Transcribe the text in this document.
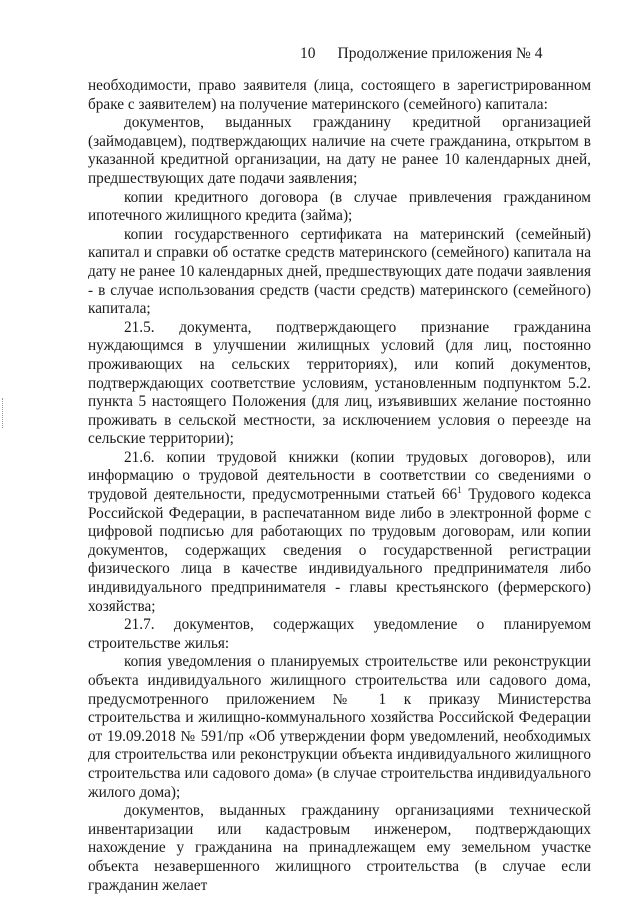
10 Продолжение приложения № 4

необходимости, право заявителя (лица, состоящего в зарегистрированном браке с заявителем) на получение материнского (семейного) капитала:

документов, выданных гражданину кредитной организацией (займодавцем), подтверждающих наличие на счете гражданина, открытом в указанной кредитной организации, на дату не ранее 10 календарных дней, предшествующих дате подачи заявления;

копии кредитного договора (в случае привлечения гражданином ипотечного жилищного кредита (займа);

копии государственного сертификата на материнский (семейный) капитал и справки об остатке средств материнского (семейного) капитала на дату не ранее 10 календарных дней, предшествующих дате подачи заявления - в случае использования средств (части средств) материнского (семейного) капитала;

21.5. документа, подтверждающего признание гражданина нуждающимся в улучшении жилищных условий (для лиц, постоянно проживающих на сельских территориях), или копий документов, подтверждающих соответствие условиям, установленным подпунктом 5.2. пункта 5 настоящего Положения (для лиц, изъявивших желание постоянно проживать в сельской местности, за исключением условия о переезде на сельские территории);

21.6. копии трудовой книжки (копии трудовых договоров), или информацию о трудовой деятельности в соответствии со сведениями о трудовой деятельности, предусмотренными статьей $66^1$ Трудового кодекса Российской Федерации, в распечатанном виде либо в электронной форме с цифровой подписью для работающих по трудовым договорам, или копии документов, содержащих сведения о государственной регистрации физического лица в качестве индивидуального предпринимателя либо индивидуального предпринимателя - главы крестьянского (фермерского) хозяйства;

21.7. документов, содержащих уведомление о планируемом строительстве жилья:

копия уведомления о планируемых строительстве или реконструкции объекта индивидуального жилищного строительства или садового дома, предусмотренного приложением № 1 к приказу Министерства строительства и жилищно-коммунального хозяйства Российской Федерации от 19.09.2018 № 591/пр «Об утверждении форм уведомлений, необходимых для строительства или реконструкции объекта индивидуального жилищного строительства или садового дома» (в случае строительства индивидуального жилого дома);

документов, выданных гражданину организациями технической инвентаризации или кадастровым инженером, подтверждающих нахождение у гражданина на принадлежащем ему земельном участке объекта незавершенного жилищного строительства (в случае если гражданин желает
